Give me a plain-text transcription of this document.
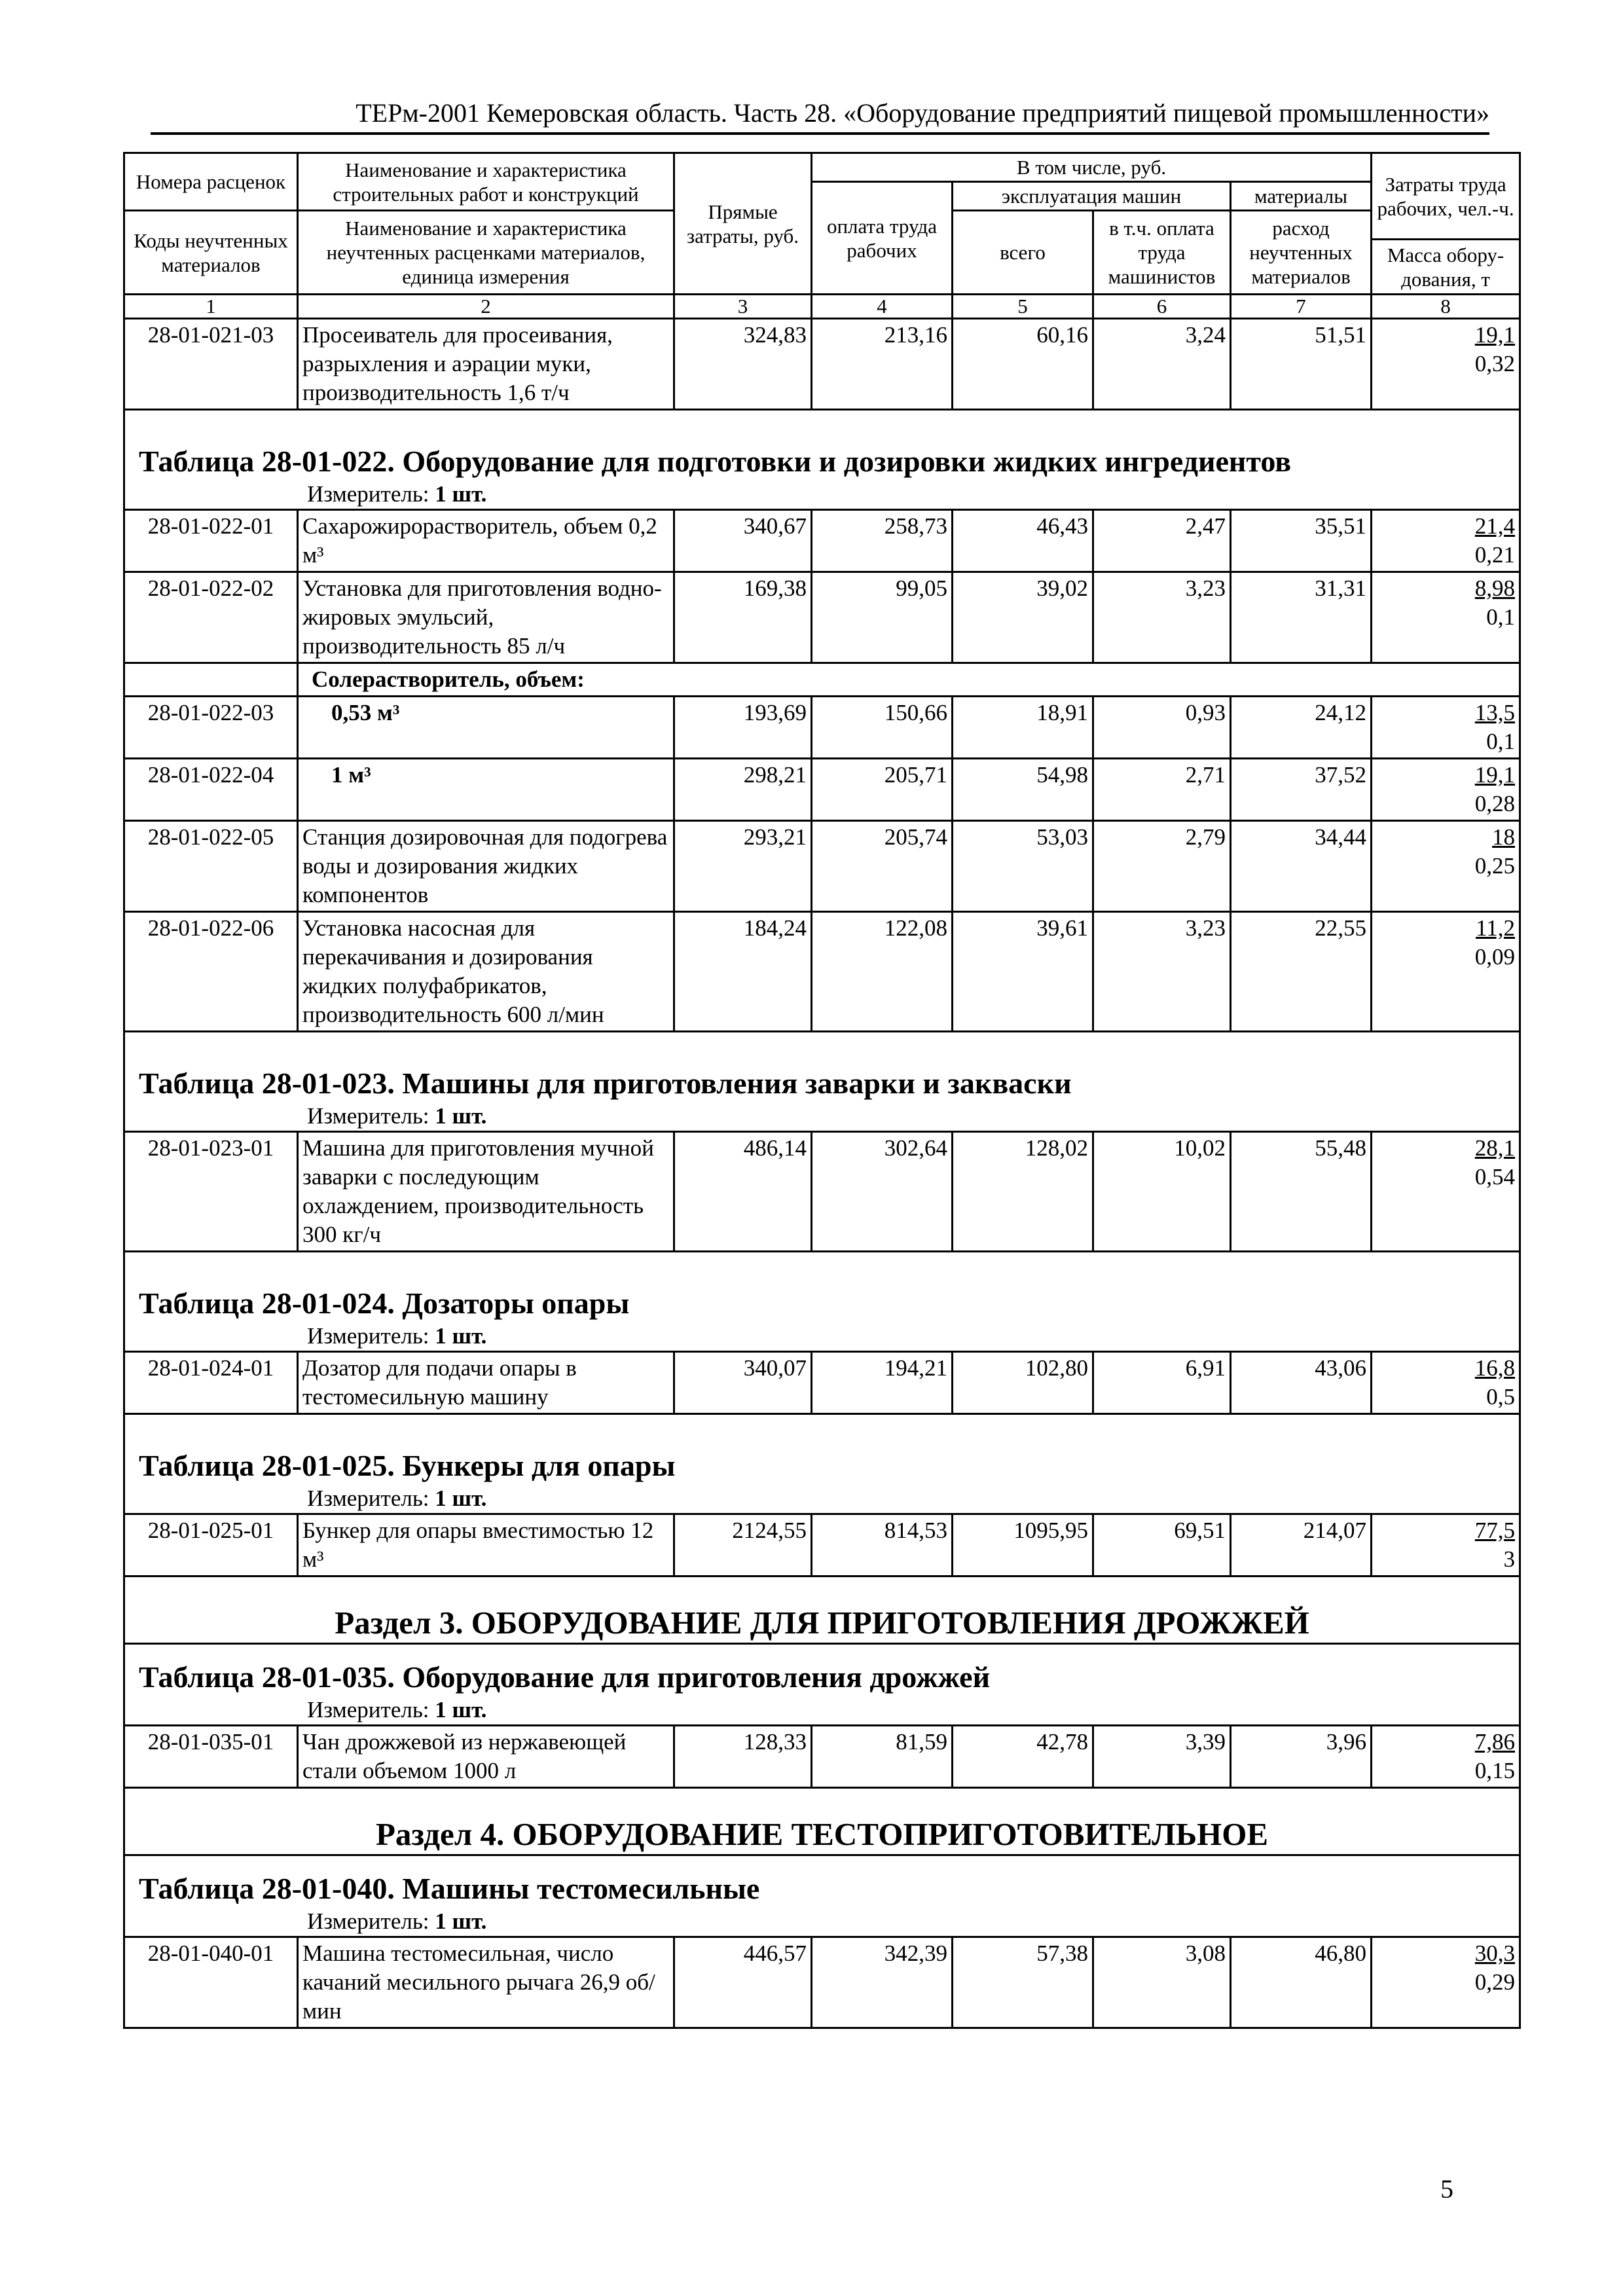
ТЕРм-2001 Кемеровская область. Часть 28. «Оборудование предприятий пищевой промышленности»
Номера расценок	Наименование и характеристика строительных работ и конструкций	Прямые затраты, руб.	В том числе, руб.				Затраты труда рабочих, чел.-ч.
			оплата труда рабочих	эксплуатация машин		материалы	
Коды неучтенных материалов	Наименование и характеристика неучтенных расценками материалов, единица измерения			всего	в т.ч. оплата труда машинистов	расход неучтенных материалов	
							Масса обору-дования, т

1	2	3	4	5	6	7	8
28-01-021-03	Просеиватель для просеивания, разрыхления и аэрации муки, производительность 1,6 т/ч	324,83	213,16	60,16	3,24	51,51	19,1
0,32

Таблица 28-01-022. Оборудование для подготовки и дозировки жидких ингредиентов
Измеритель: 1 шт.							

28-01-022-01	Сахарожирорастворитель, объем 0,2 м³	340,67	258,73	46,43	2,47	35,51	21,4
0,21

28-01-022-02	Установка для приготовления водно-жировых эмульсий, производительность 85 л/ч	169,38	99,05	39,02	3,23	31,31	8,98
0,1

	Солерастворитель, объем:						
28-01-022-03	0,53 м³	193,69	150,66	18,91	0,93	24,12	13,5
0,1

28-01-022-04	1 м³	298,21	205,71	54,98	2,71	37,52	19,1
0,28

28-01-022-05	Станция дозировочная для подогрева воды и дозирования жидких компонентов	293,21	205,74	53,03	2,79	34,44	18
0,25

28-01-022-06	Установка насосная для перекачивания и дозирования жидких полуфабрикатов, производительность 600 л/мин	184,24	122,08	39,61	3,23	22,55	11,2
0,09

Таблица 28-01-023. Машины для приготовления заварки и закваски
Измеритель: 1 шт.							

28-01-023-01	Машина для приготовления мучной заварки с последующим охлаждением, производительность 300 кг/ч	486,14	302,64	128,02	10,02	55,48	28,1
0,54

Таблица 28-01-024. Дозаторы опары
Измеритель: 1 шт.							

28-01-024-01	Дозатор для подачи опары в тестомесильную машину	340,07	194,21	102,80	6,91	43,06	16,8
0,5

Таблица 28-01-025. Бункеры для опары
Измеритель: 1 шт.							

28-01-025-01	Бункер для опары вместимостью 12 м³	2124,55	814,53	1095,95	69,51	214,07	77,5
3

Раздел 3. ОБОРУДОВАНИЕ ДЛЯ ПРИГОТОВЛЕНИЯ ДРОЖЖЕЙ							

Таблица 28-01-035. Оборудование для приготовления дрожжей
Измеритель: 1 шт.							

28-01-035-01	Чан дрожжевой из нержавеющей стали объемом 1000 л	128,33	81,59	42,78	3,39	3,96	7,86
0,15

Раздел 4. ОБОРУДОВАНИЕ ТЕСТОПРИГОТОВИТЕЛЬНОЕ							

Таблица 28-01-040. Машины тестомесильные
Измеритель: 1 шт.							

28-01-040-01	Машина тестомесильная, число качаний месильного рычага 26,9 об/мин	446,57	342,39	57,38	3,08	46,80	30,3
0,29
5
